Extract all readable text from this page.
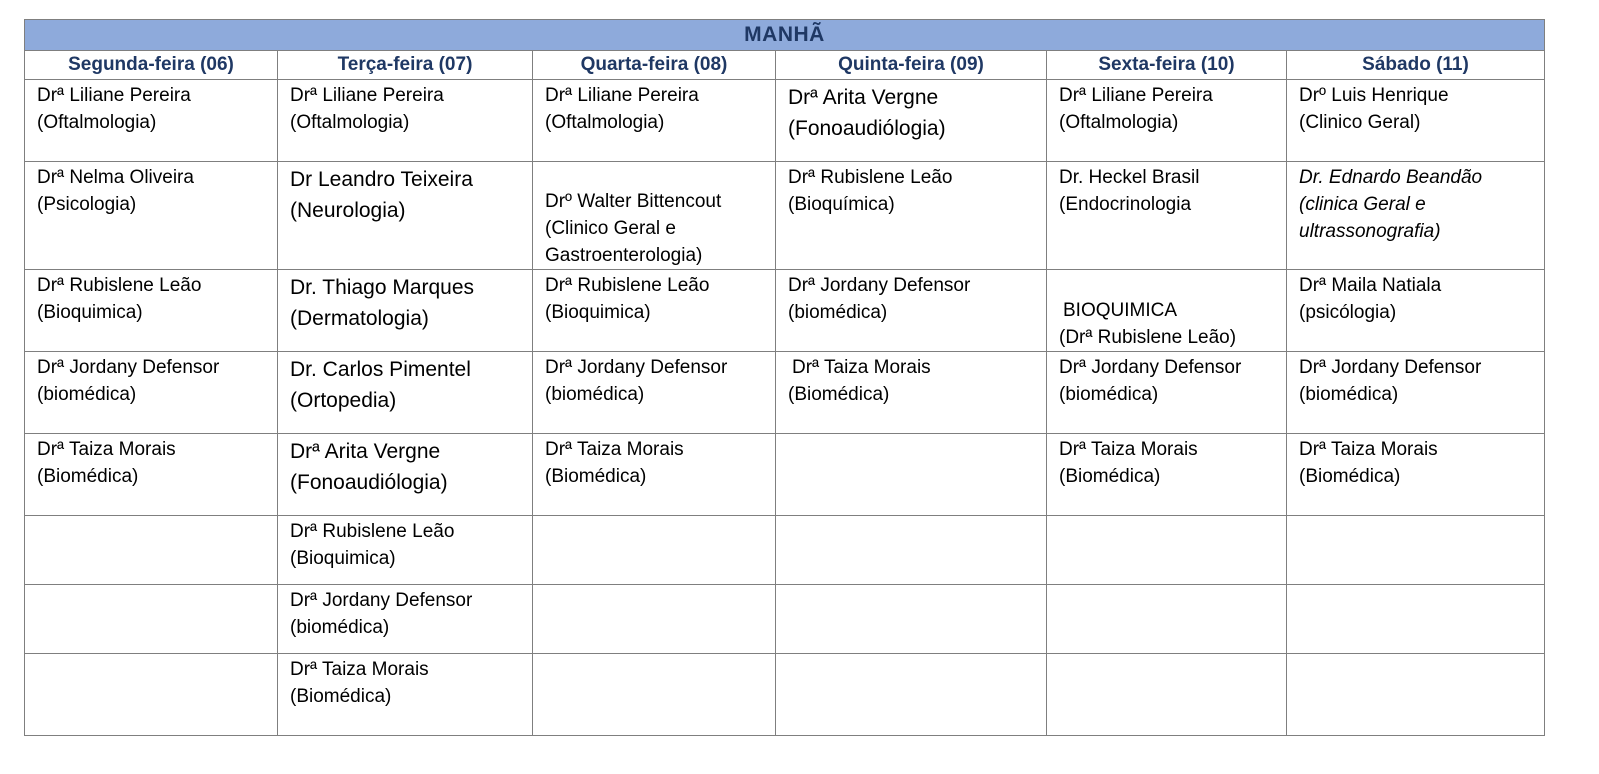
MANHÃ					
Segunda-feira (06)	Terça-feira (07)	Quarta-feira (08)	Quinta-feira (09)	Sexta-feira (10)	Sábado (11)

Drª Liliane Pereira
(Oftalmologia)	Drª Liliane Pereira
(Oftalmologia)	Drª Liliane Pereira
(Oftalmologia)	Drª Arita Vergne
(Fonoaudiólogia)	Drª Liliane Pereira
(Oftalmologia)	Drº Luis Henrique
(Clinico Geral)

Drª Nelma Oliveira
(Psicologia)	Dr Leandro Teixeira
(Neurologia)	Drº Walter Bittencout
(Clinico Geral e Gastroenterologia)	Drª Rubislene Leão
(Bioquímica)	Dr. Heckel Brasil
(Endocrinologia	Dr. Ednardo Beandão
(clinica Geral e ultrassonografia)

Drª Rubislene Leão
(Bioquimica)	Dr. Thiago Marques
(Dermatologia)	Drª Rubislene Leão
(Bioquimica)	Drª Jordany Defensor
(biomédica)	BIOQUIMICA
(Drª Rubislene Leão)	Drª Maila Natiala
(psicólogia)

Drª Jordany Defensor
(biomédica)	Dr. Carlos Pimentel
(Ortopedia)	Drª Jordany Defensor
(biomédica)	Drª Taiza Morais
(Biomédica)	Drª Jordany Defensor
(biomédica)	Drª Jordany Defensor
(biomédica)

Drª Taiza Morais
(Biomédica)	Drª Arita Vergne
(Fonoaudiólogia)	Drª Taiza Morais
(Biomédica)		Drª Taiza Morais
(Biomédica)	Drª Taiza Morais
(Biomédica)

	Drª Rubislene Leão
(Bioquimica)				

	Drª Jordany Defensor
(biomédica)				

	Drª Taiza Morais
(Biomédica)				
